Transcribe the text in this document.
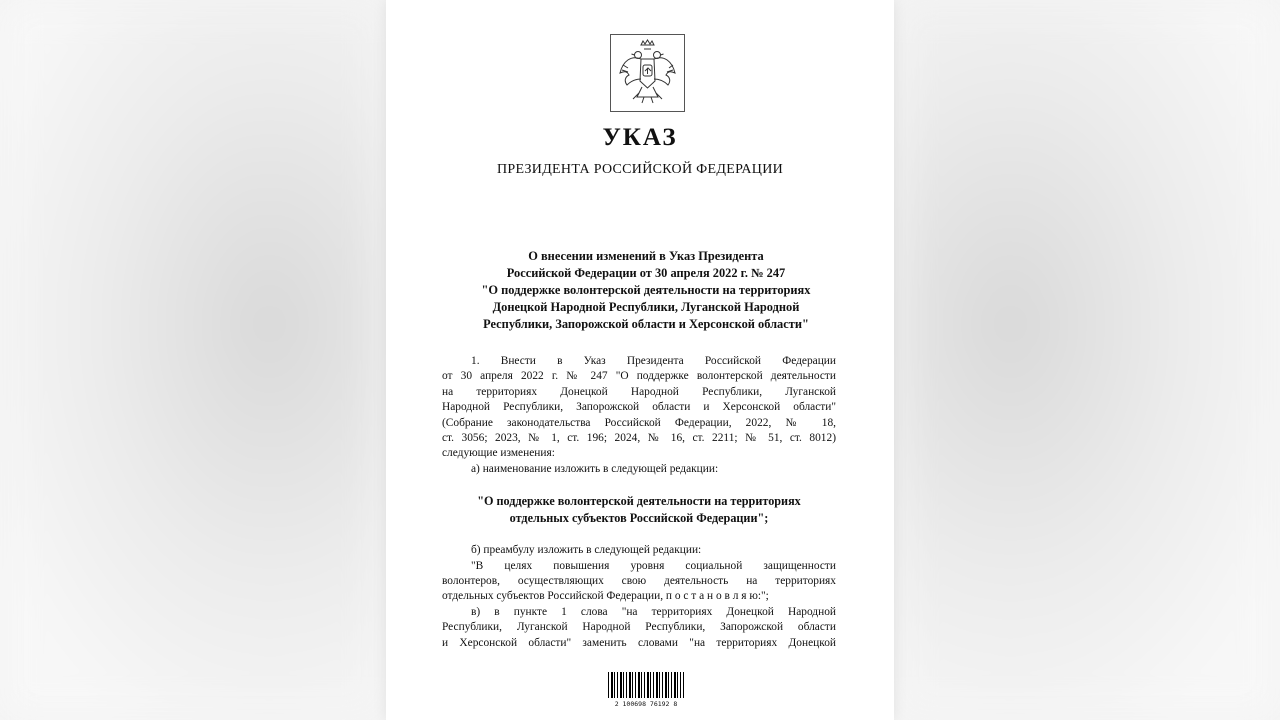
УКАЗ
ПРЕЗИДЕНТА РОССИЙСКОЙ ФЕДЕРАЦИИ
О внесении изменений в Указ Президента
Российской Федерации от 30 апреля 2022 г. № 247
"О поддержке волонтерской деятельности на территориях
Донецкой Народной Республики, Луганской Народной
Республики, Запорожской области и Херсонской области"
1. Внести в Указ Президента Российской Федерации
от 30 апреля 2022 г. № 247 "О поддержке волонтерской деятельности
на территориях Донецкой Народной Республики, Луганской
Народной Республики, Запорожской области и Херсонской области"
(Собрание законодательства Российской Федерации, 2022, № 18,
ст. 3056; 2023, № 1, ст. 196; 2024, № 16, ст. 2211; № 51, ст. 8012)
следующие изменения:
а) наименование изложить в следующей редакции:
"О поддержке волонтерской деятельности на территориях
отдельных субъектов Российской Федерации";
б) преамбулу изложить в следующей редакции:
"В целях повышения уровня социальной защищенности
волонтеров, осуществляющих свою деятельность на территориях
отдельных субъектов Российской Федерации, п о с т а н о в л я ю:";
в) в пункте 1 слова "на территориях Донецкой Народной
Республики, Луганской Народной Республики, Запорожской области
и Херсонской области" заменить словами "на территориях Донецкой
2 100698 76192 8
